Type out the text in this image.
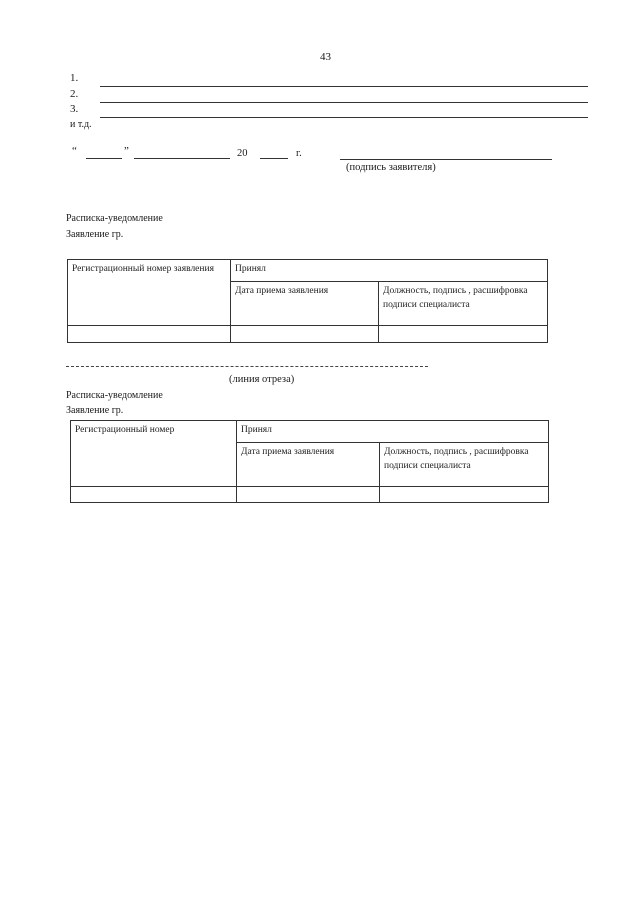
43
1.
2.
3.
и т.д.
“	”	20	г.
(подпись заявителя)
Расписка-уведомление
Заявление гр.
Регистрационный номер заявления	Принял	
	Дата приема заявления	Должность, подпись , расшифровка подписи специалиста

(линия отреза)
Расписка-уведомление
Заявление гр.
Регистрационный номер	Принял	
	Дата приема заявления	Должность, подпись , расшифровка подписи специалиста
